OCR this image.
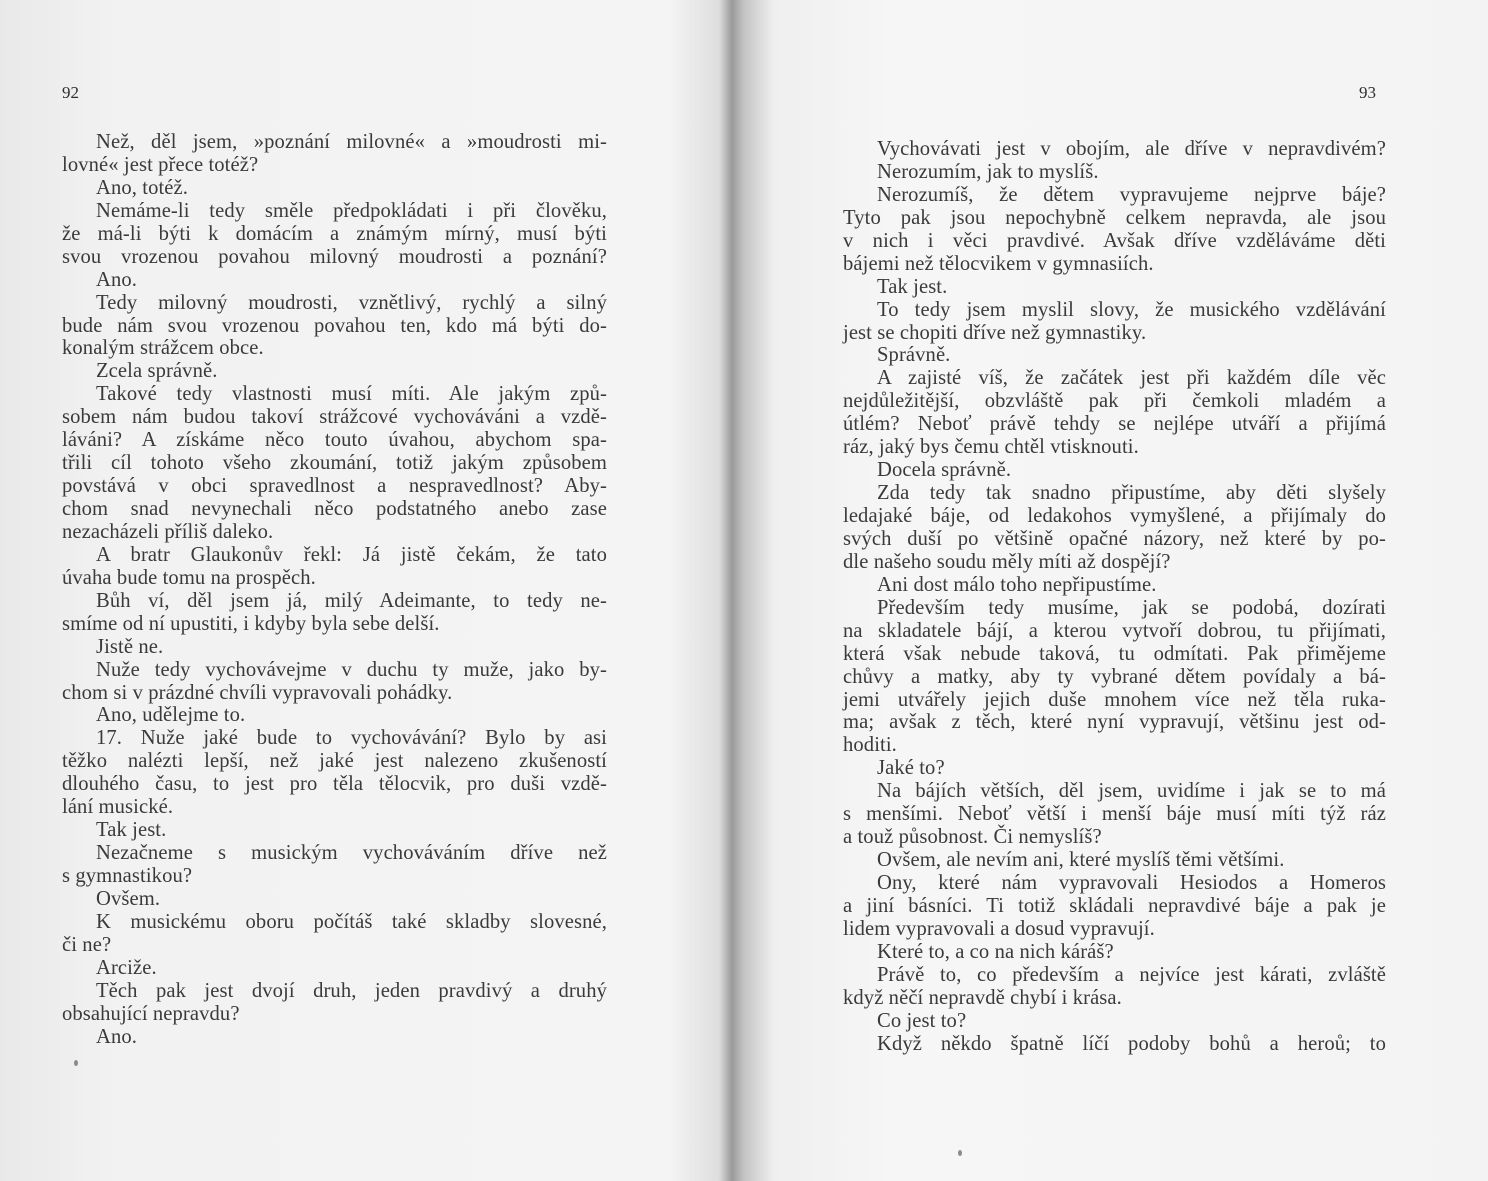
92
Než, děl jsem, »poznání milovné« a »moudrosti mi-
lovné« jest přece totéž?
Ano, totéž.
Nemáme-li tedy směle předpokládati i při člověku,
že má-li býti k domácím a známým mírný, musí býti
svou vrozenou povahou milovný moudrosti a poznání?
Ano.
Tedy milovný moudrosti, vznětlivý, rychlý a silný
bude nám svou vrozenou povahou ten, kdo má býti do-
konalým strážcem obce.
Zcela správně.
Takové tedy vlastnosti musí míti. Ale jakým způ-
sobem nám budou takoví strážcové vychováváni a vzdě-
láváni? A získáme něco touto úvahou, abychom spa-
třili cíl tohoto všeho zkoumání, totiž jakým způsobem
povstává v obci spravedlnost a nespravedlnost? Aby-
chom snad nevynechali něco podstatného anebo zase
nezacházeli příliš daleko.
A bratr Glaukonův řekl: Já jistě čekám, že tato
úvaha bude tomu na prospěch.
Bůh ví, děl jsem já, milý Adeimante, to tedy ne-
smíme od ní upustiti, i kdyby byla sebe delší.
Jistě ne.
Nuže tedy vychovávejme v duchu ty muže, jako by-
chom si v prázdné chvíli vypravovali pohádky.
Ano, udělejme to.
17. Nuže jaké bude to vychovávání? Bylo by asi
těžko nalézti lepší, než jaké jest nalezeno zkušeností
dlouhého času, to jest pro těla tělocvik, pro duši vzdě-
lání musické.
Tak jest.
Nezačneme s musickým vychováváním dříve než
s gymnastikou?
Ovšem.
K musickému oboru počítáš také skladby slovesné,
či ne?
Arciže.
Těch pak jest dvojí druh, jeden pravdivý a druhý
obsahující nepravdu?
Ano.
93
Vychovávati jest v obojím, ale dříve v nepravdivém?
Nerozumím, jak to myslíš.
Nerozumíš, že dětem vypravujeme nejprve báje?
Tyto pak jsou nepochybně celkem nepravda, ale jsou
v nich i věci pravdivé. Avšak dříve vzděláváme děti
bájemi než tělocvikem v gymnasiích.
Tak jest.
To tedy jsem myslil slovy, že musického vzdělávání
jest se chopiti dříve než gymnastiky.
Správně.
A zajisté víš, že začátek jest při každém díle věc
nejdůležitější, obzvláště pak při čemkoli mladém a
útlém? Neboť právě tehdy se nejlépe utváří a přijímá
ráz, jaký bys čemu chtěl vtisknouti.
Docela správně.
Zda tedy tak snadno připustíme, aby děti slyšely
ledajaké báje, od ledakohos vymyšlené, a přijímaly do
svých duší po většině opačné názory, než které by po-
dle našeho soudu měly míti až dospějí?
Ani dost málo toho nepřipustíme.
Především tedy musíme, jak se podobá, dozírati
na skladatele bájí, a kterou vytvoří dobrou, tu přijímati,
která však nebude taková, tu odmítati. Pak přimějeme
chůvy a matky, aby ty vybrané dětem povídaly a bá-
jemi utvářely jejich duše mnohem více než těla ruka-
ma; avšak z těch, které nyní vypravují, většinu jest od-
hoditi.
Jaké to?
Na bájích větších, děl jsem, uvidíme i jak se to má
s menšími. Neboť větší i menší báje musí míti týž ráz
a touž působnost. Či nemyslíš?
Ovšem, ale nevím ani, které myslíš těmi většími.
Ony, které nám vypravovali Hesiodos a Homeros
a jiní básníci. Ti totiž skládali nepravdivé báje a pak je
lidem vypravovali a dosud vypravují.
Které to, a co na nich káráš?
Právě to, co především a nejvíce jest kárati, zvláště
když něčí nepravdě chybí i krása.
Co jest to?
Když někdo špatně líčí podoby bohů a heroů; to
